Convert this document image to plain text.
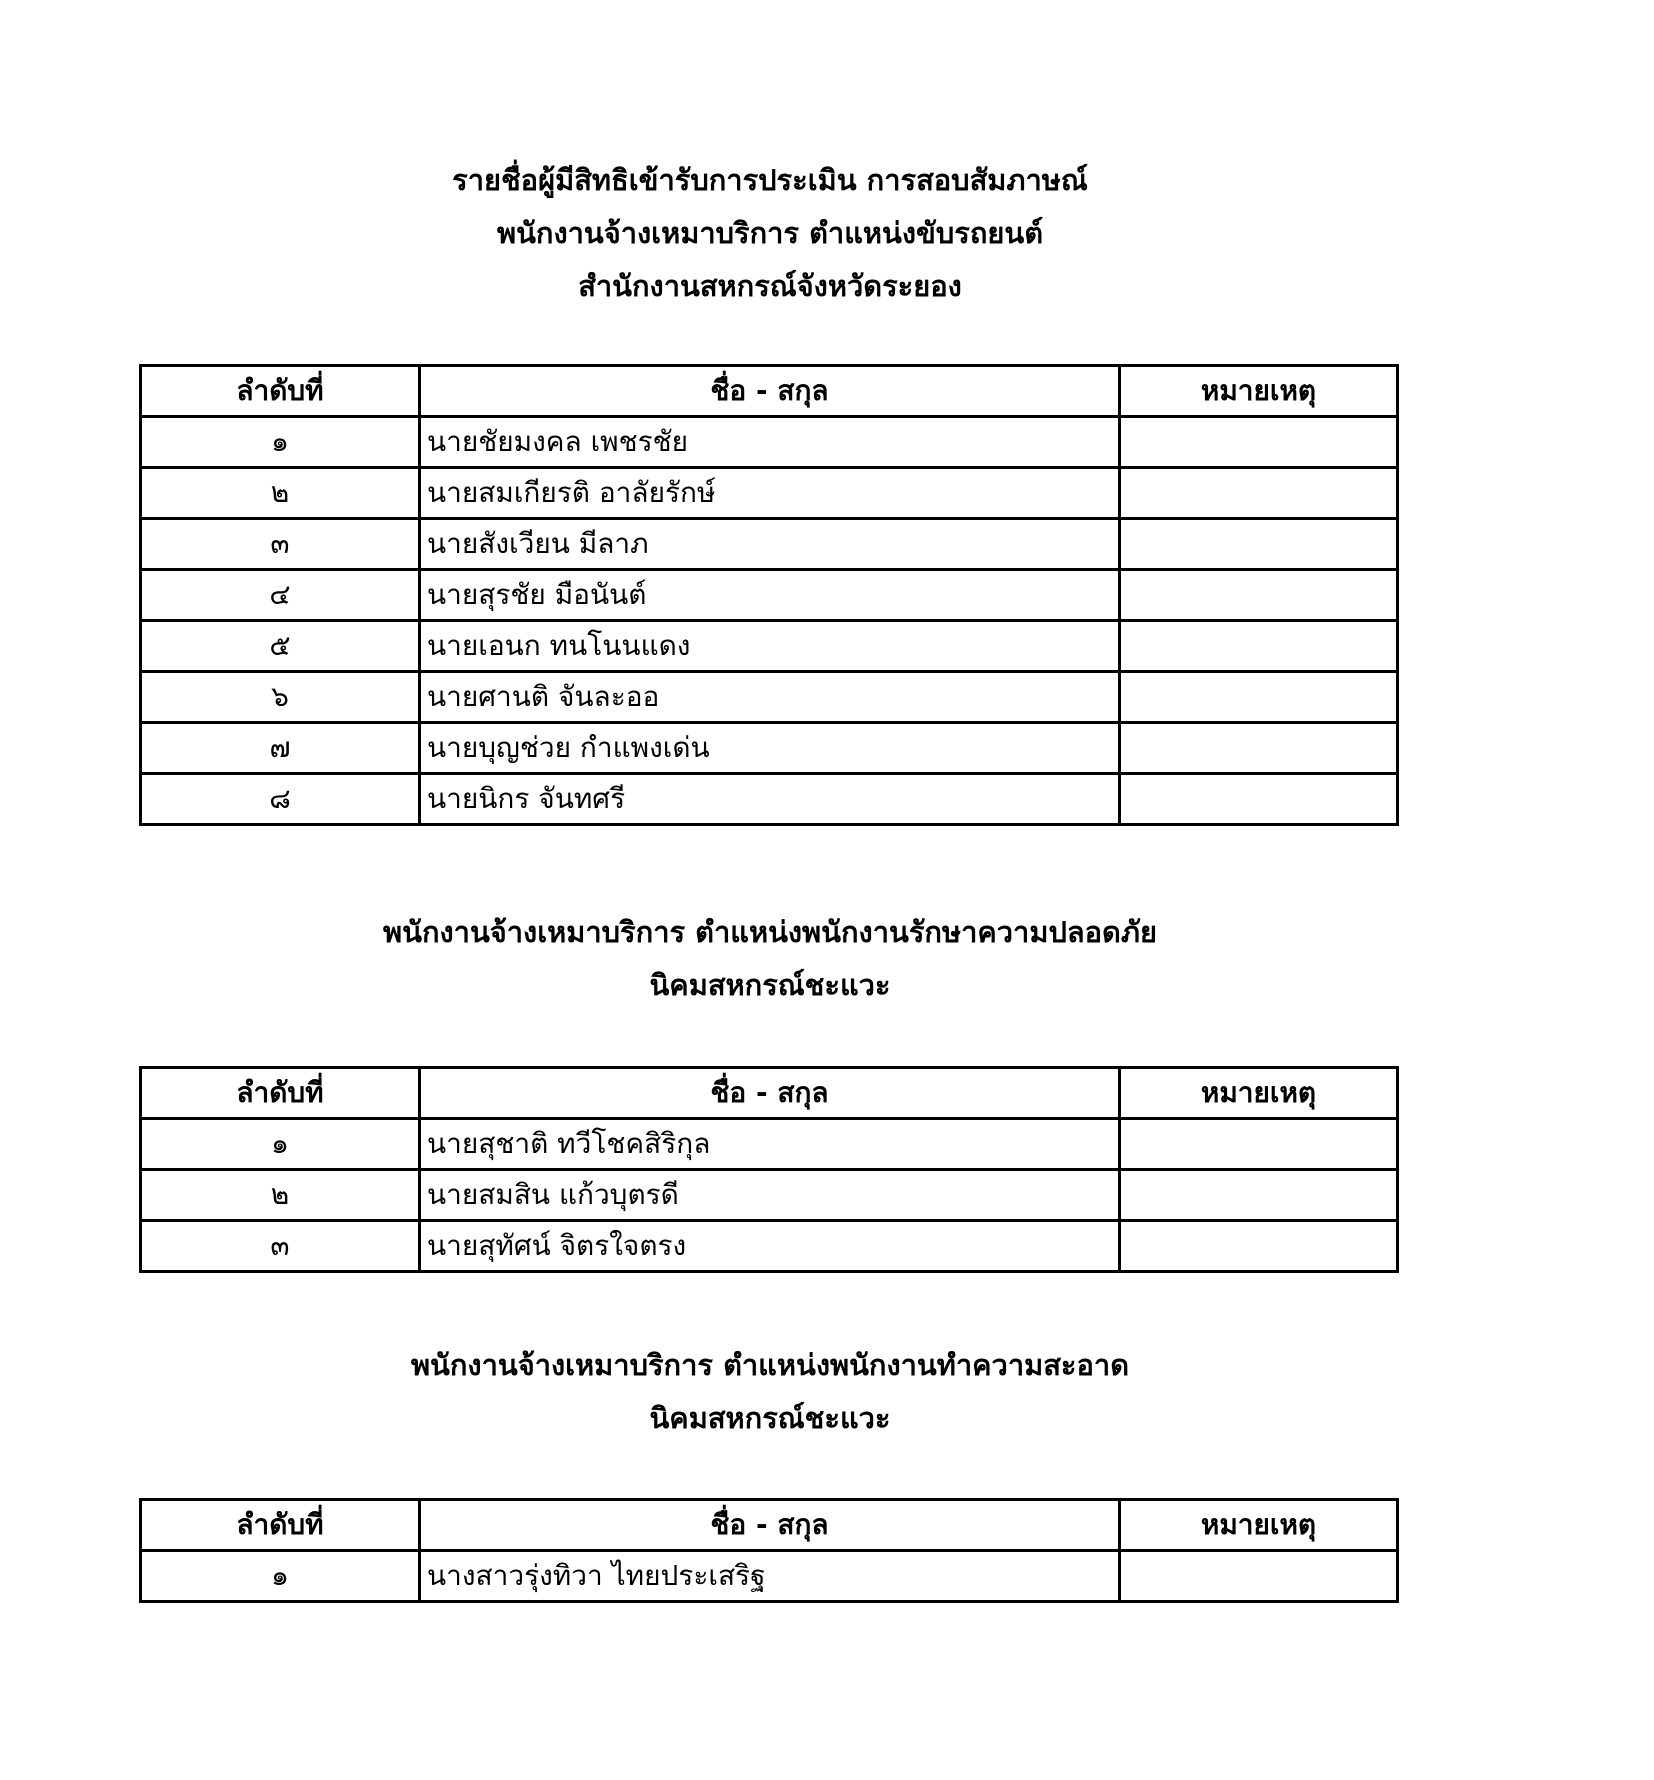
รายชื่อผู้มีสิทธิเข้ารับการประเมิน การสอบสัมภาษณ์
พนักงานจ้างเหมาบริการ ตำแหน่งขับรถยนต์
สำนักงานสหกรณ์จังหวัดระยอง
ลำดับที่	ชื่อ - สกุล	หมายเหตุ
๑	นายชัยมงคล เพชรชัย	
๒	นายสมเกียรติ อาลัยรักษ์	
๓	นายสังเวียน มีลาภ	
๔	นายสุรชัย มือนันต์	
๕	นายเอนก ทนโนนแดง	
๖	นายศานติ จันละออ	
๗	นายบุญช่วย กำแพงเด่น	
๘	นายนิกร จันทศรี	
พนักงานจ้างเหมาบริการ ตำแหน่งพนักงานรักษาความปลอดภัย
นิคมสหกรณ์ชะแวะ
ลำดับที่	ชื่อ - สกุล	หมายเหตุ
๑	นายสุชาติ ทวีโชคสิริกุล	
๒	นายสมสิน แก้วบุตรดี	
๓	นายสุทัศน์ จิตรใจตรง	
พนักงานจ้างเหมาบริการ ตำแหน่งพนักงานทำความสะอาด
นิคมสหกรณ์ชะแวะ
ลำดับที่	ชื่อ - สกุล	หมายเหตุ
๑	นางสาวรุ่งทิวา ไทยประเสริฐ	
